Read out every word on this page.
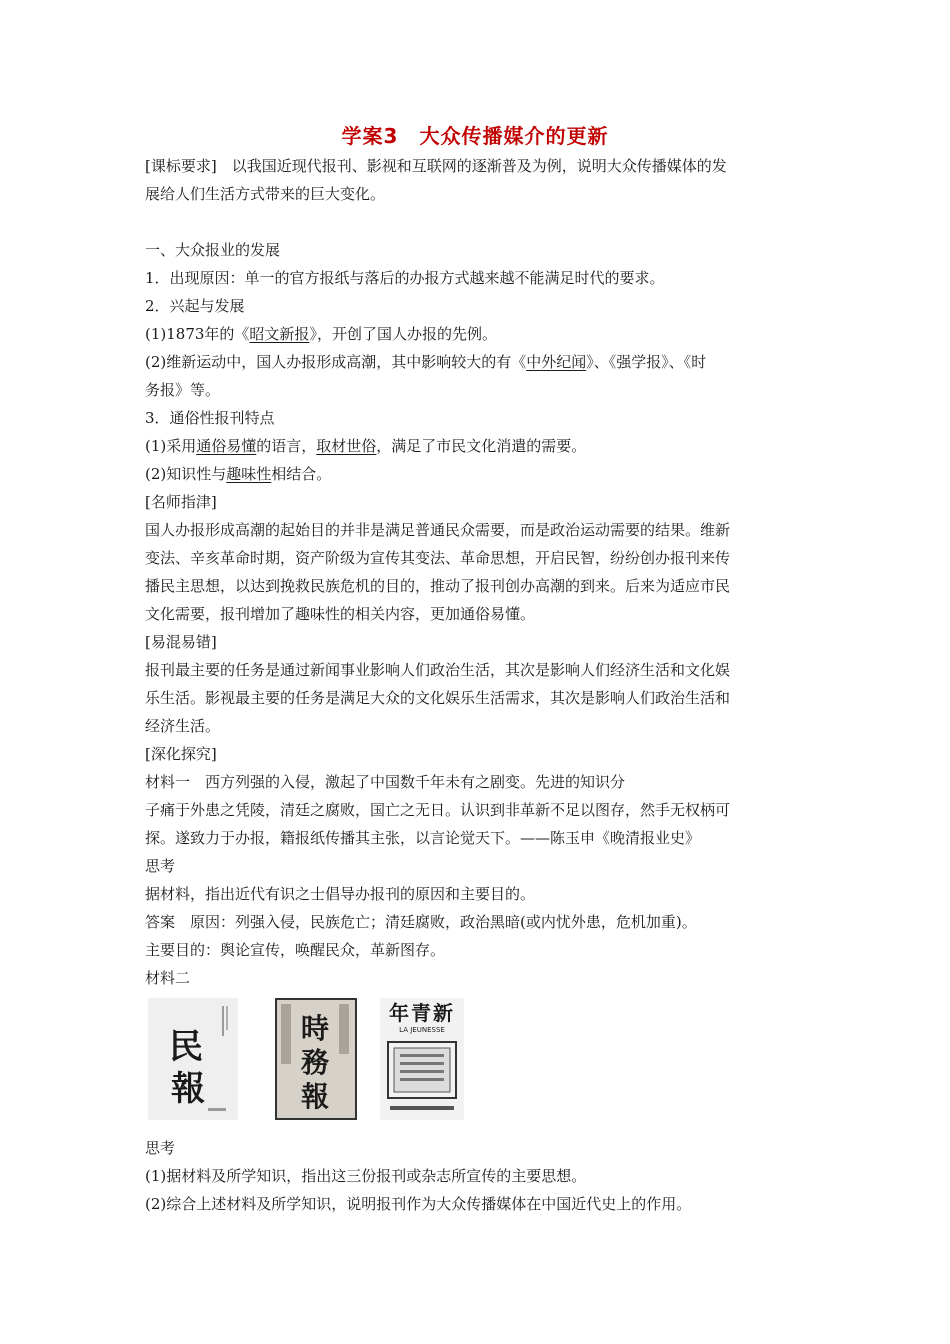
学案3　大众传播媒介的更新
[课标要求]　以我国近现代报刊、影视和互联网的逐渐普及为例，说明大众传播媒体的发
展给人们生活方式带来的巨大变化。
一、大众报业的发展
1．出现原因：单一的官方报纸与落后的办报方式越来越不能满足时代的要求。
2．兴起与发展
(1)1873年的《昭文新报》，开创了国人办报的先例。
(2)维新运动中，国人办报形成高潮，其中影响较大的有《中外纪闻》、《强学报》、《时
务报》等。
3．通俗性报刊特点
(1)采用通俗易懂的语言，取材世俗，满足了市民文化消遣的需要。
(2)知识性与趣味性相结合。
[名师指津]
国人办报形成高潮的起始目的并非是满足普通民众需要，而是政治运动需要的结果。维新
变法、辛亥革命时期，资产阶级为宣传其变法、革命思想，开启民智，纷纷创办报刊来传
播民主思想，以达到挽救民族危机的目的，推动了报刊创办高潮的到来。后来为适应市民
文化需要，报刊增加了趣味性的相关内容，更加通俗易懂。
[易混易错]
报刊最主要的任务是通过新闻事业影响人们政治生活，其次是影响人们经济生活和文化娱
乐生活。影视最主要的任务是满足大众的文化娱乐生活需求，其次是影响人们政治生活和
经济生活。
[深化探究]
材料一　西方列强的入侵，激起了中国数千年未有之剧变。先进的知识分
子痛于外患之凭陵，清廷之腐败，国亡之无日。认识到非革新不足以图存，然手无权柄可
探。遂致力于办报，籍报纸传播其主张，以言论觉天下。——陈玉申《晚清报业史》
思考
据材料，指出近代有识之士倡导办报刊的原因和主要目的。
答案　原因：列强入侵，民族危亡；清廷腐败，政治黑暗(或内忧外患，危机加重)。
主要目的：舆论宣传，唤醒民众，革新图存。
材料二
民
報
時
務
報
年青新
LA JEUNESSE
思考
(1)据材料及所学知识，指出这三份报刊或杂志所宣传的主要思想。
(2)综合上述材料及所学知识，说明报刊作为大众传播媒体在中国近代史上的作用。
